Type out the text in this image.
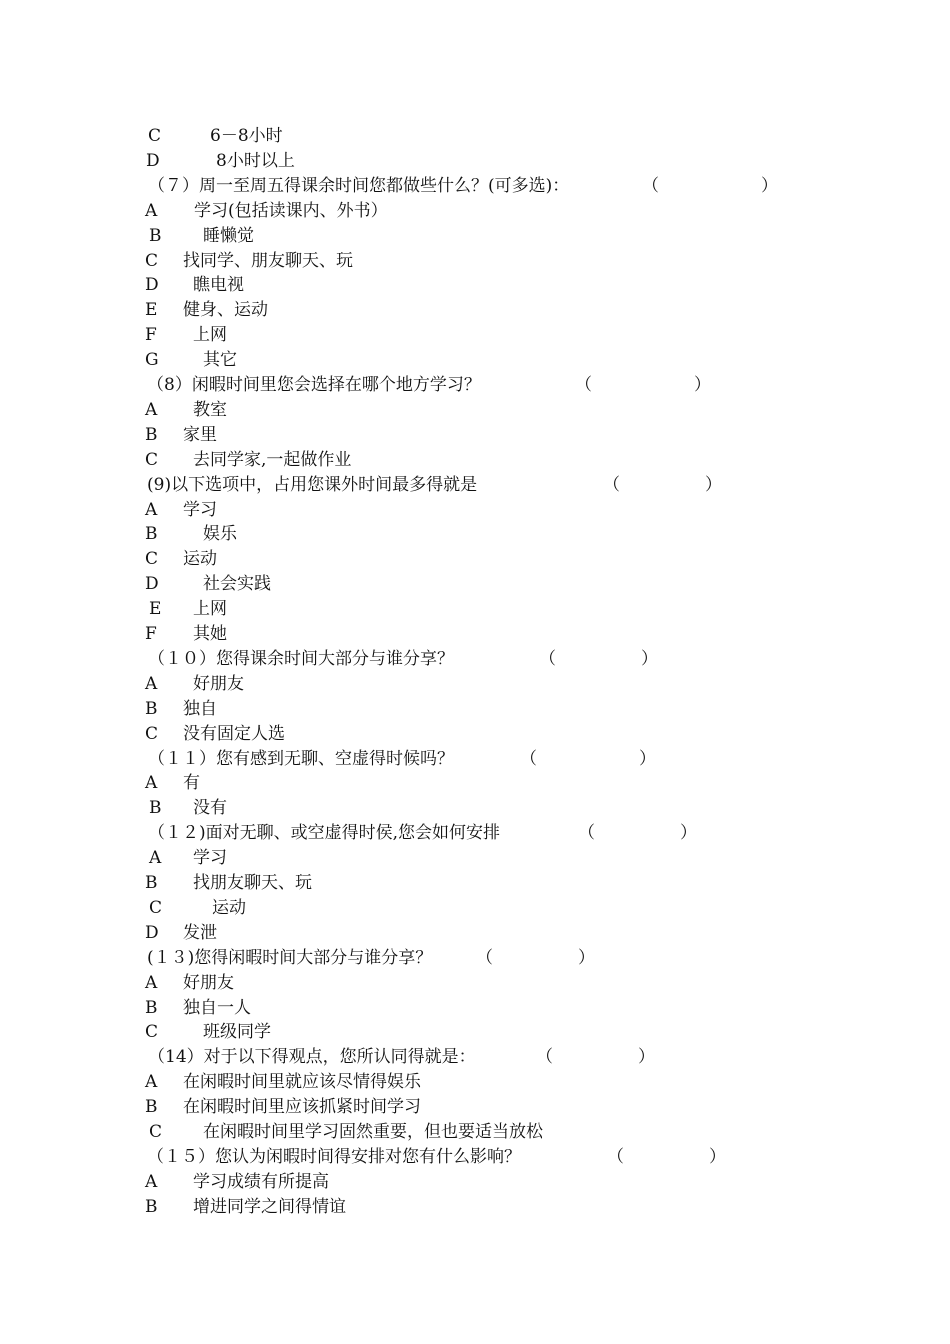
C	6－8小时
D	8小时以上
（７）周一至周五得课余时间您都做些什么？(可多选)：	（　　　　　　）
A 学习(包括读课内、外书）
B 睡懒觉
C 找同学、朋友聊天、玩
D 瞧电视
E 健身、运动
F 上网
G	其它
（8）闲暇时间里您会选择在哪个地方学习？	（　　　　　　）
A 教室
B 家里
C 去同学家,一起做作业
(9)以下选项中，占用您课外时间最多得就是	（　　　　　）
A 学习
B	娱乐
C 运动
D	社会实践
E 上网
F 其她
（１０）您得课余时间大部分与谁分享？	（　　　　　）
A 好朋友
B 独自
C 没有固定人选
（１１）您有感到无聊、空虚得时候吗？	（　　　　　　）
A 有
B 没有
（１２)面对无聊、或空虚得时侯,您会如何安排	（　　　　　）
A 学习
B 找朋友聊天、玩
C	运动
D 发泄
(１３)您得闲暇时间大部分与谁分享？	（　　　　　）
A 好朋友
B 独自一人
C	班级同学
（14）对于以下得观点，您所认同得就是：	（　　　　　）
A 在闲暇时间里就应该尽情得娱乐
B 在闲暇时间里应该抓紧时间学习
C 在闲暇时间里学习固然重要，但也要适当放松
（１５）您认为闲暇时间得安排对您有什么影响？	（　　　　　）
A 学习成绩有所提高
B 增进同学之间得情谊
